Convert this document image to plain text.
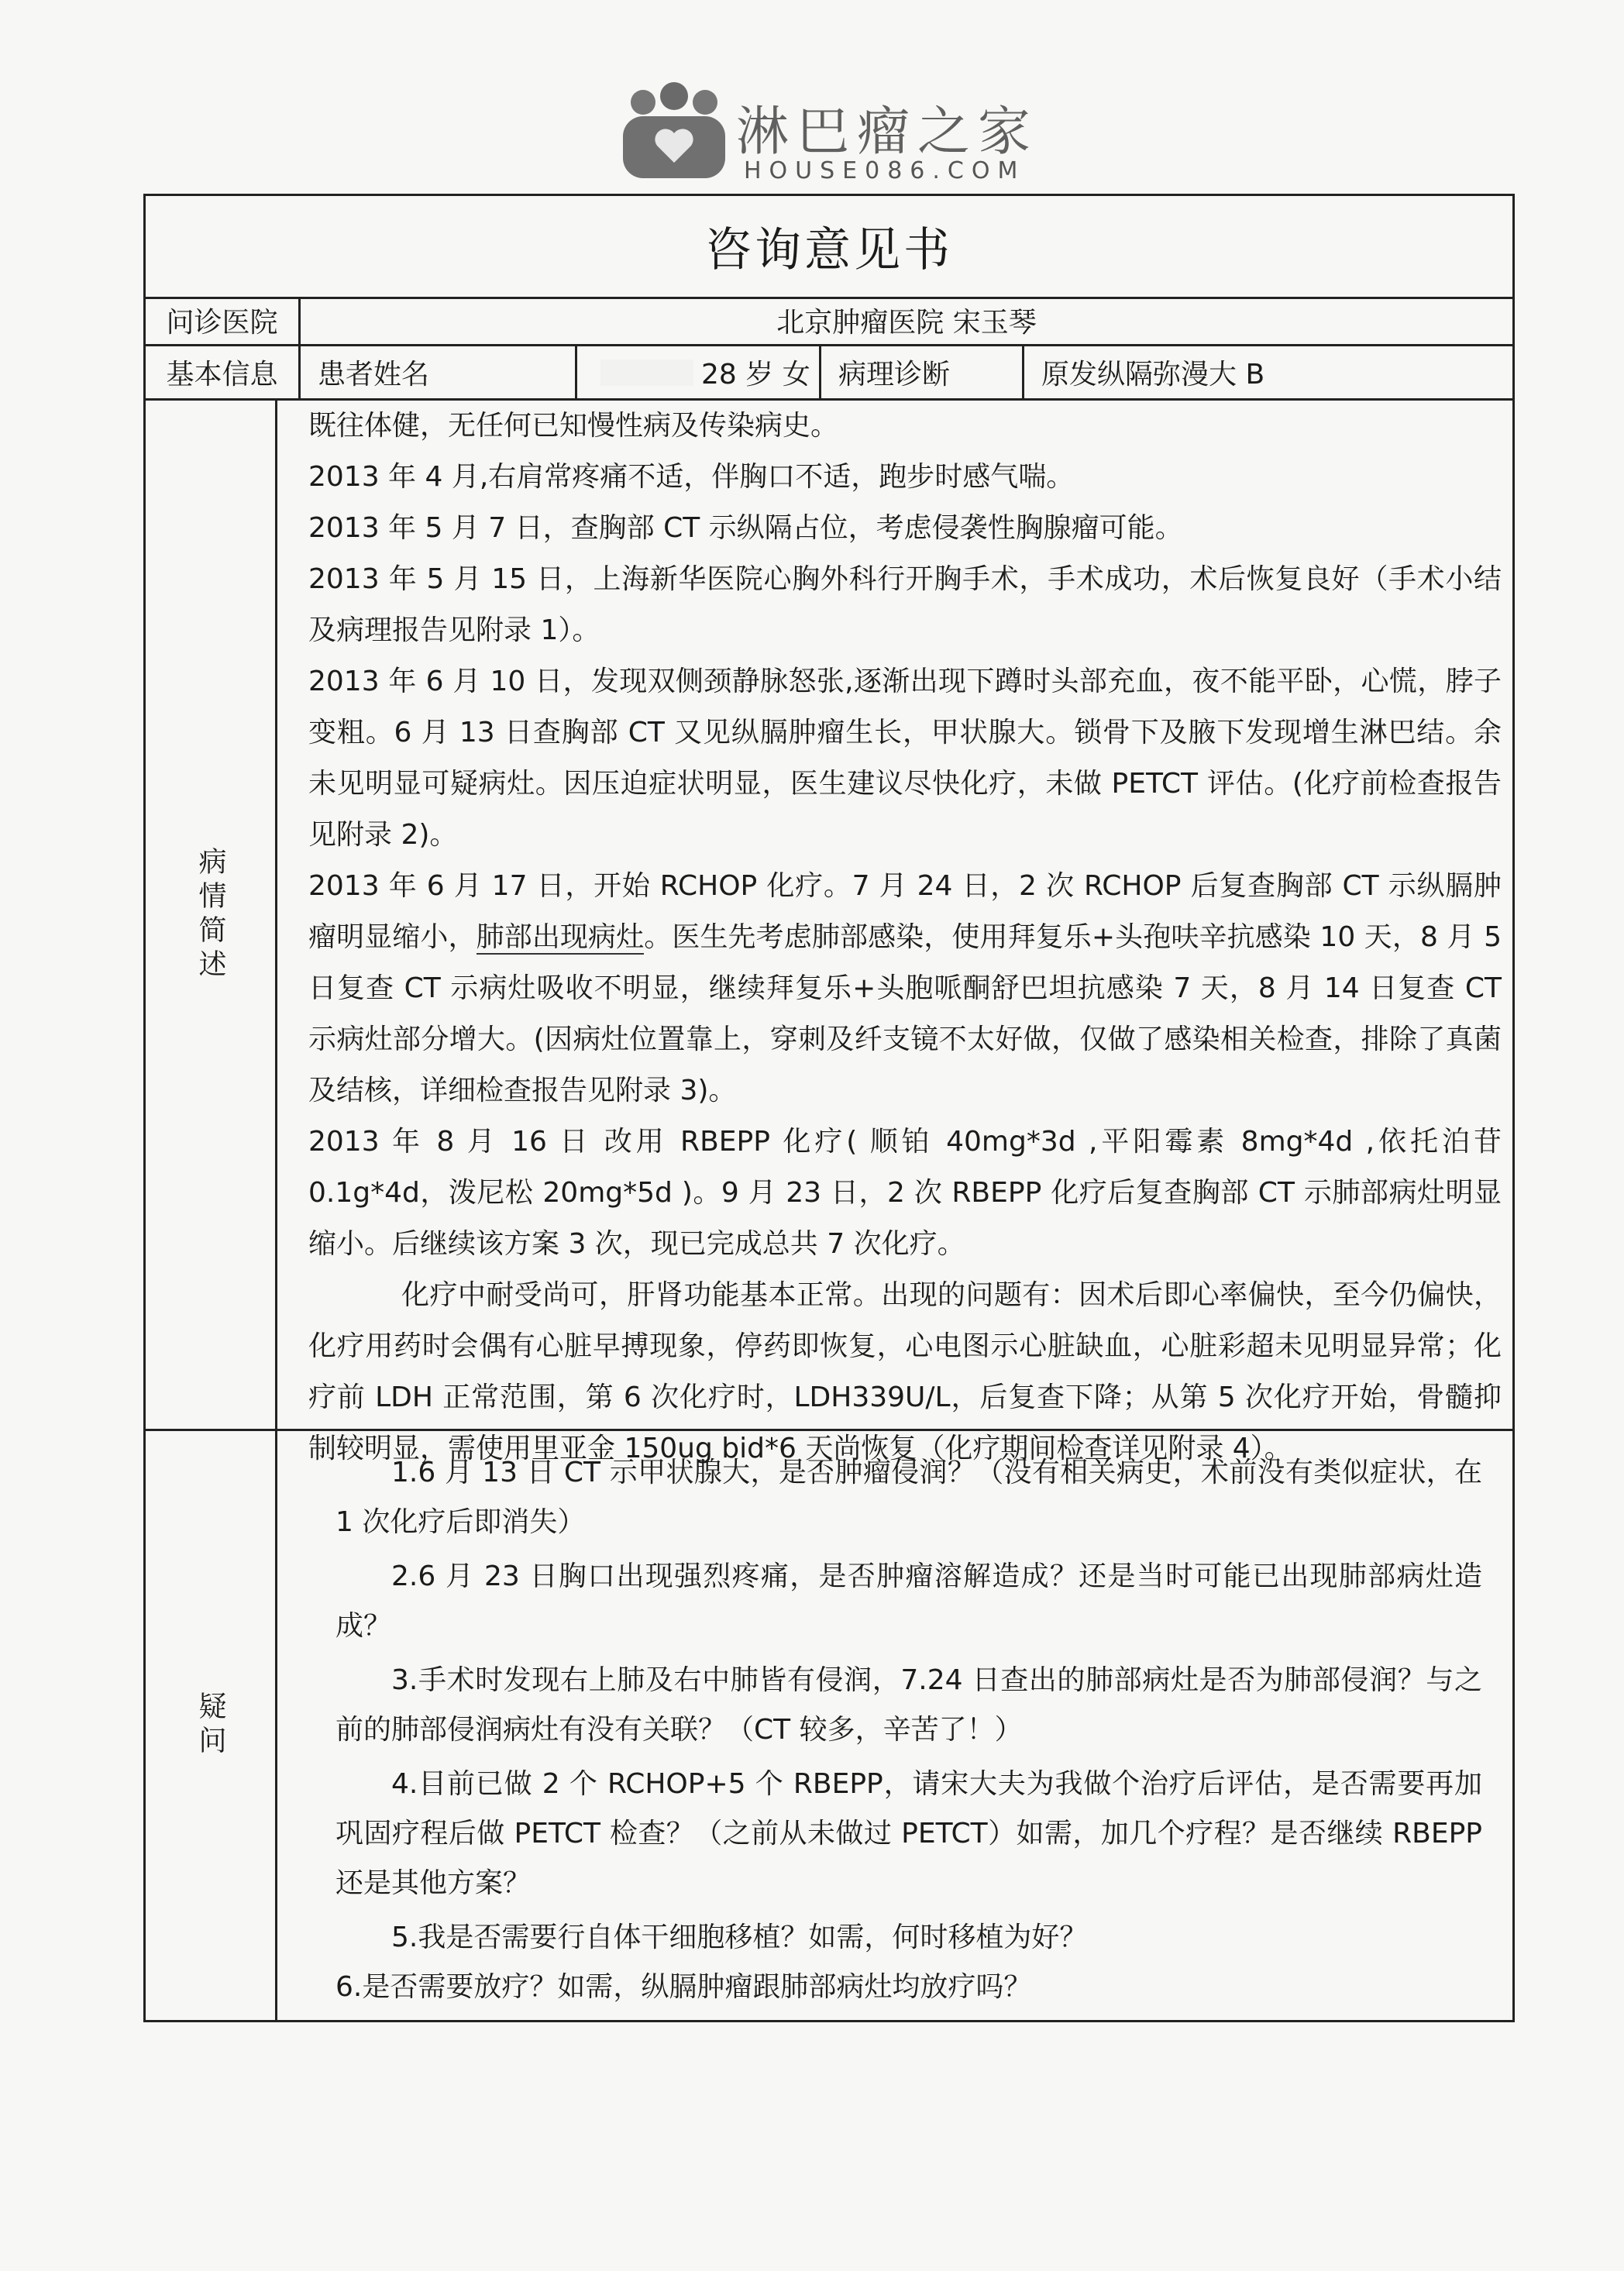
淋巴瘤之家
HOUSE086.COM
咨询意见书
问诊医院	北京肿瘤医院 宋玉琴
基本信息	患者姓名	28 岁 女	病理诊断	原发纵隔弥漫大 B
病情简述

既往体健，无任何已知慢性病及传染病史。

2013 年 4 月,右肩常疼痛不适，伴胸口不适，跑步时感气喘。

2013 年 5 月 7 日，查胸部 CT 示纵隔占位，考虑侵袭性胸腺瘤可能。

2013 年 5 月 15 日，上海新华医院心胸外科行开胸手术，手术成功，术后恢复良好（手术小结及病理报告见附录 1）。

2013 年 6 月 10 日，发现双侧颈静脉怒张,逐渐出现下蹲时头部充血，夜不能平卧，心慌，脖子变粗。6 月 13 日查胸部 CT 又见纵膈肿瘤生长，甲状腺大。锁骨下及腋下发现增生淋巴结。余未见明显可疑病灶。因压迫症状明显，医生建议尽快化疗，未做 PETCT 评估。(化疗前检查报告见附录 2)。

2013 年 6 月 17 日，开始 RCHOP 化疗。7 月 24 日，2 次 RCHOP 后复查胸部 CT 示纵膈肿瘤明显缩小，肺部出现病灶。医生先考虑肺部感染，使用拜复乐+头孢呋辛抗感染 10 天，8 月 5 日复查 CT 示病灶吸收不明显，继续拜复乐+头胞哌酮舒巴坦抗感染 7 天，8 月 14 日复查 CT 示病灶部分增大。(因病灶位置靠上，穿刺及纤支镜不太好做，仅做了感染相关检查，排除了真菌及结核，详细检查报告见附录 3)。

2013 年 8 月 16 日 改用 RBEPP 化疗( 顺铂 40mg*3d ,平阳霉素 8mg*4d ,依托泊苷 0.1g*4d，泼尼松 20mg*5d )。9 月 23 日，2 次 RBEPP 化疗后复查胸部 CT 示肺部病灶明显缩小。后继续该方案 3 次，现已完成总共 7 次化疗。

化疗中耐受尚可，肝肾功能基本正常。出现的问题有：因术后即心率偏快，至今仍偏快，化疗用药时会偶有心脏早搏现象，停药即恢复，心电图示心脏缺血，心脏彩超未见明显异常；化疗前 LDH 正常范围，第 6 次化疗时，LDH339U/L，后复查下降；从第 5 次化疗开始，骨髓抑制较明显，需使用里亚金 150ug bid*6 天尚恢复（化疗期间检查详见附录 4）。

疑问

1.6 月 13 日 CT 示甲状腺大，是否肿瘤侵润？（没有相关病史，术前没有类似症状，在 1 次化疗后即消失）

2.6 月 23 日胸口出现强烈疼痛，是否肿瘤溶解造成？还是当时可能已出现肺部病灶造成？

3.手术时发现右上肺及右中肺皆有侵润，7.24 日查出的肺部病灶是否为肺部侵润？与之前的肺部侵润病灶有没有关联？（CT 较多，辛苦了！）

4.目前已做 2 个 RCHOP+5 个 RBEPP，请宋大夫为我做个治疗后评估，是否需要再加巩固疗程后做 PETCT 检查？（之前从未做过 PETCT）如需，加几个疗程？是否继续 RBEPP 还是其他方案？

5.我是否需要行自体干细胞移植？如需，何时移植为好？

6.是否需要放疗？如需，纵膈肿瘤跟肺部病灶均放疗吗？
